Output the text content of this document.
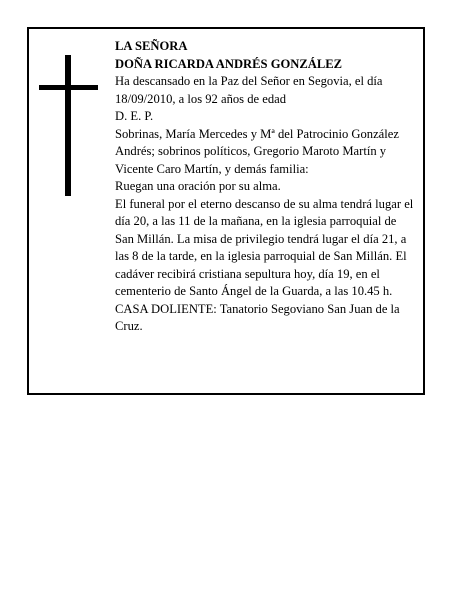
LA SEÑORA

DOÑA RICARDA ANDRÉS GONZÁLEZ

Ha descansado en la Paz del Señor en Segovia, el día 18/09/2010, a los 92 años de edad

D. E. P.

Sobrinas, María Mercedes y Mª del Patrocinio González Andrés; sobrinos políticos, Gregorio Maroto Martín y Vicente Caro Martín, y demás familia:

Ruegan una oración por su alma.

El funeral por el eterno descanso de su alma tendrá lugar el día 20, a las 11 de la mañana, en la iglesia parroquial de San Millán. La misa de privilegio tendrá lugar el día 21, a las 8 de la tarde, en la iglesia parroquial de San Millán. El cadáver recibirá cristiana sepultura hoy, día 19, en el cementerio de Santo Ángel de la Guarda, a las 10.45 h.

CASA DOLIENTE: Tanatorio Segoviano San Juan de la Cruz.
